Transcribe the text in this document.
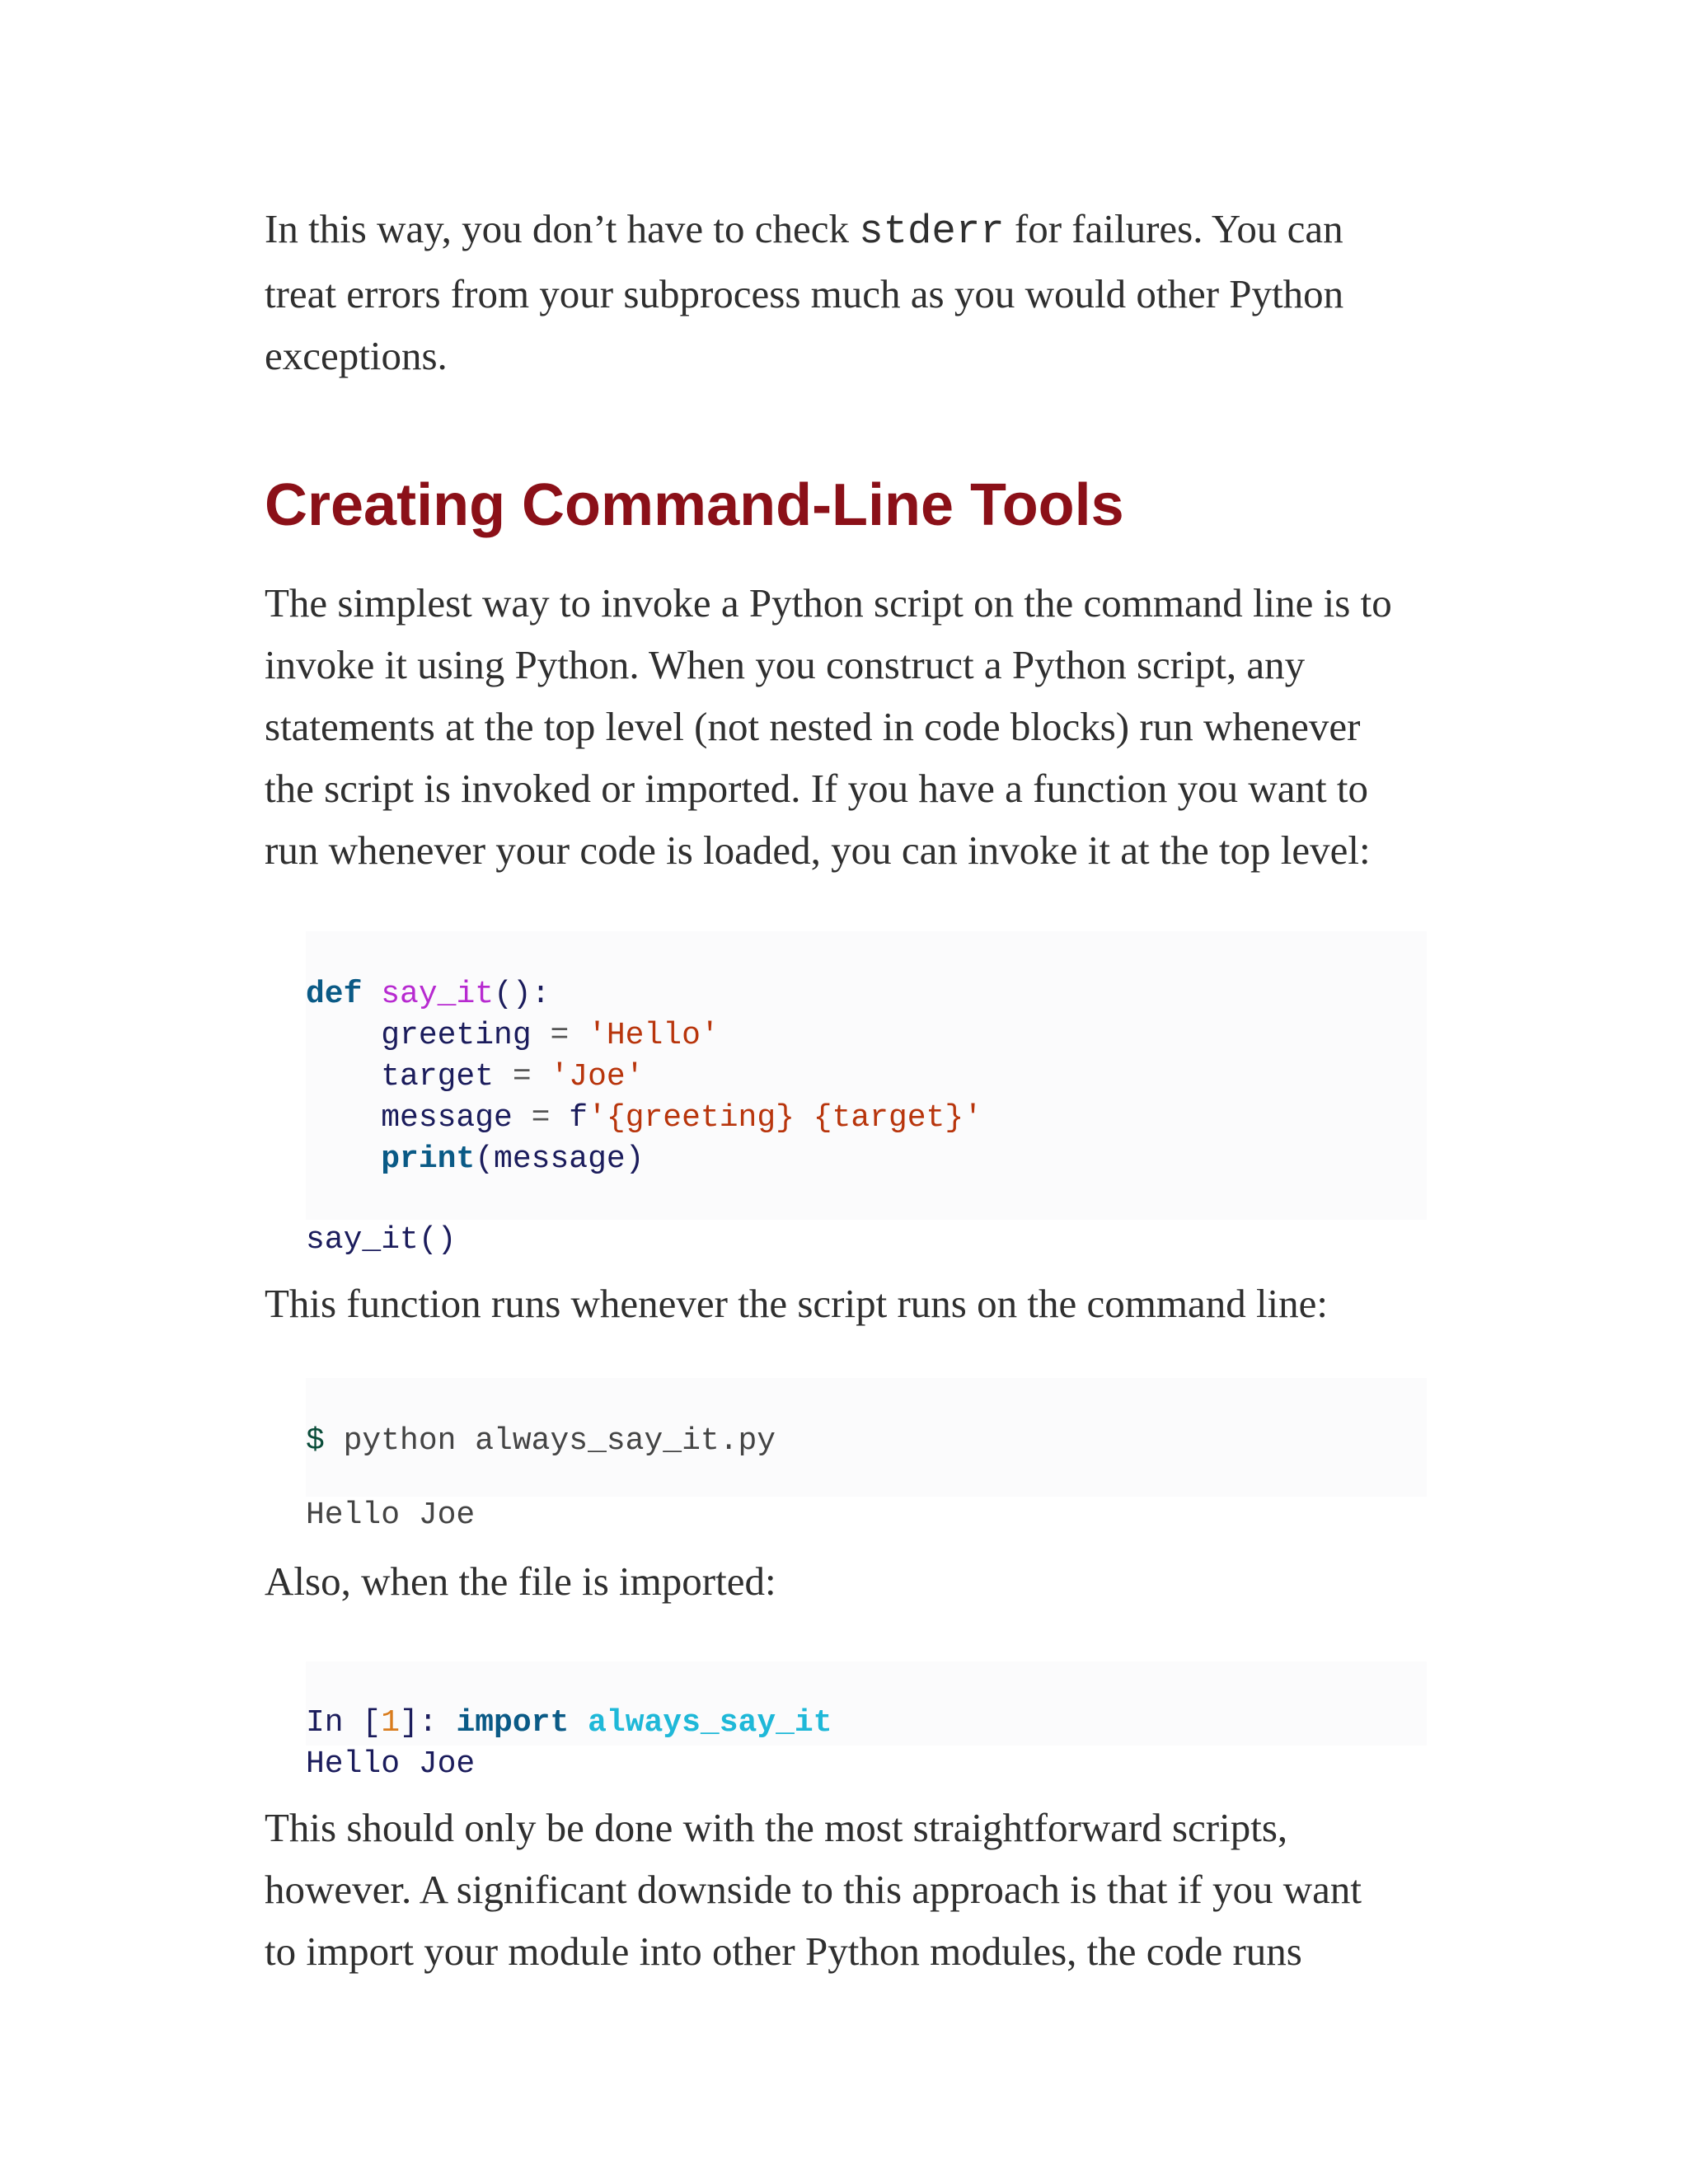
In this way, you don’t have to check stderr for failures. You can

treat errors from your subprocess much as you would other Python

exceptions.

Creating Command-Line Tools

The simplest way to invoke a Python script on the command line is to

invoke it using Python. When you construct a Python script, any

statements at the top level (not nested in code blocks) run whenever

the script is invoked or imported. If you have a function you want to

run whenever your code is loaded, you can invoke it at the top level:

def say_it():
greeting = 'Hello'
target = 'Joe'
message = f'{greeting} {target}'
print(message)
say_it()

This function runs whenever the script runs on the command line:

$ python always_say_it.py
Hello Joe

Also, when the file is imported:

In [1]: import always_say_it
Hello Joe

This should only be done with the most straightforward scripts,

however. A significant downside to this approach is that if you want

to import your module into other Python modules, the code runs
